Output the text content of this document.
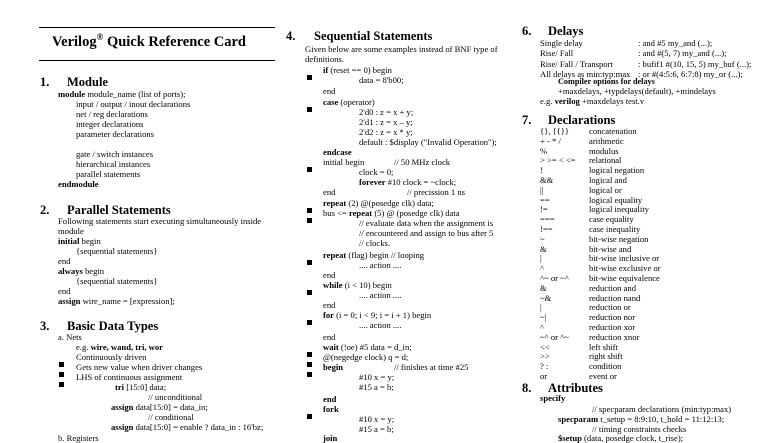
Verilog® Quick Reference Card
1. Module
module module_name (list of ports);
input / output / inout declarations
net / reg declarations
integer declarations
parameter declarations
gate / switch instances
hierarchical instances
parallel statements
endmodule
2. Parallel Statements
Following statements start executing simultaneously inside
module
initial begin
{sequential statements}
end
always begin
{sequential statements}
end
assign wire_name = [expression];
3. Basic Data Types
a. Nets
e.g. wire, wand, tri, wor
Continuously driven
Gets new value when driver changes
LHS of continuous assignment
tri [15:0] data;
// unconditional
assign data[15:0] = data_in;
// conditional
assign data[15:0] = enable ? data_in : 16'bz;
b. Registers
4. Sequential Statements
Given below are some examples instead of BNF type of
definitions.
if (reset == 0) begin
data = 8'b00;
end
case (operator)
2'd0 : z = x + y;
2'd1 : z = x – y;
2'd2 : z = x * y;
default : $display ("Invalid Operation");
endcase
initial begin	// 50 MHz clock
clock = 0;
forever #10 clock = ~clock;
end	// precission 1 ns
repeat (2) @(posedge clk) data;
bus <= repeat (5) @ (posedge clk) data
// evaluate data when the assignment is
// encountered and assign to bus after 5
// clocks.
repeat (flag) begin // looping
.... action ....
end
while (i < 10) begin
.... action ....
end
for (i = 0; i < 9; i = i + 1) begin
.... action ....
end
wait (!oe) #5 data = d_in;
@(negedge clock) q = d;
begin	// finishes at time #25
#10 x = y;
#15 a = b;
end
fork
#10 x = y;
#15 a = b;
join
6. Delays
Single delay	: and #5 my_and (...);
Rise/ Fall	: and #(5, 7) my_and (...);
Rise/ Fall / Transport	: bufif1 #(10, 15, 5) my_buf (...);
All delays as min:typ:max : or #(4:5:6, 6:7:8) my_or (...);
Compiler options for delays
+maxdelays, +typdelays(default), +mindelays
e.g. verilog +maxdelays test.v
7. Declarations
{}, {{}} concatenation
+ - * /	arithmetic
%	modulus
> >= < <= relational
!	logical negation
&&	logical and
||	logical or
==	logical equality
!=	logical inequality
===	case equality
!==	case inequality
~	bit-wise negation
&	bit-wise and
|	bit-wise inclusive or
^	bit-wise exclusive or
^~ or ~^ bit-wise equivalence
&	reduction and
~&	reduction nand
|	reduction or
~|	reduction nor
^	reduction xor
~^ or ^~ reduction xnor
<<	left shift
>>	right shift
? :	condition
or	event or
8. Attributes
specify
// specparam declarations (min:typ:max)
specparam t_setup = 8:9:10, t_hold = 11:12:13;
// timing constraints checks
$setup (data, posedge clock, t_rise);
